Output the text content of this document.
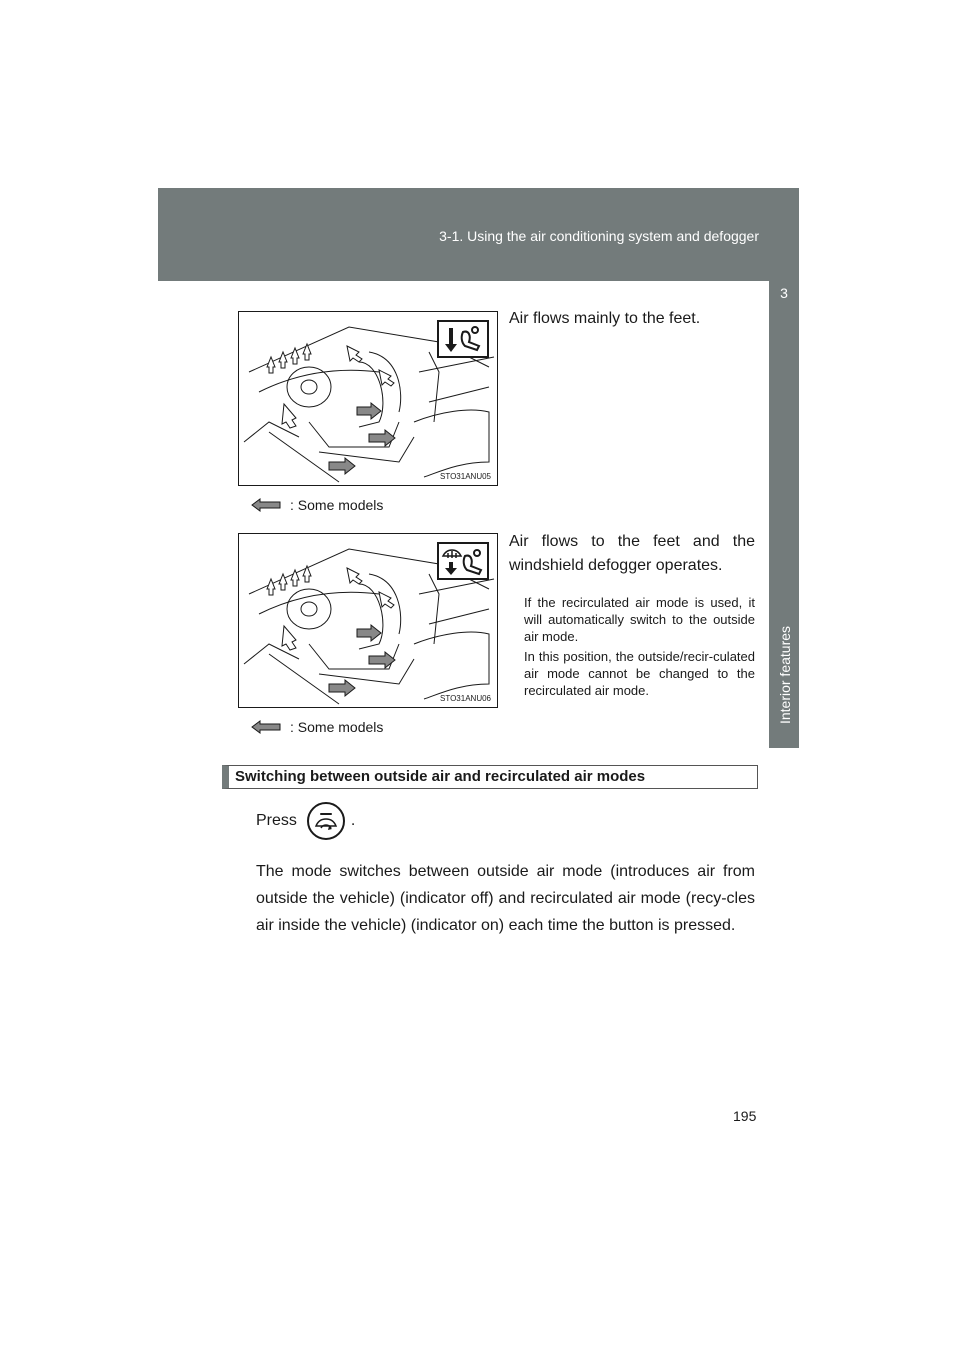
3-1. Using the air conditioning system and defogger
3
Interior features
STO31ANU05
: Some models
Air flows mainly to the feet.
STO31ANU06
: Some models
Air flows to the feet and the windshield defogger operates.
If the recirculated air mode is used, it will automatically switch to the outside air mode.
In this position, the outside/recir-culated air mode cannot be changed to the recirculated air mode.
Switching between outside air and recirculated air modes
Press	.
The mode switches between outside air mode (introduces air from outside the vehicle) (indicator off) and recirculated air mode (recy-cles air inside the vehicle) (indicator on) each time the button is pressed.
195
